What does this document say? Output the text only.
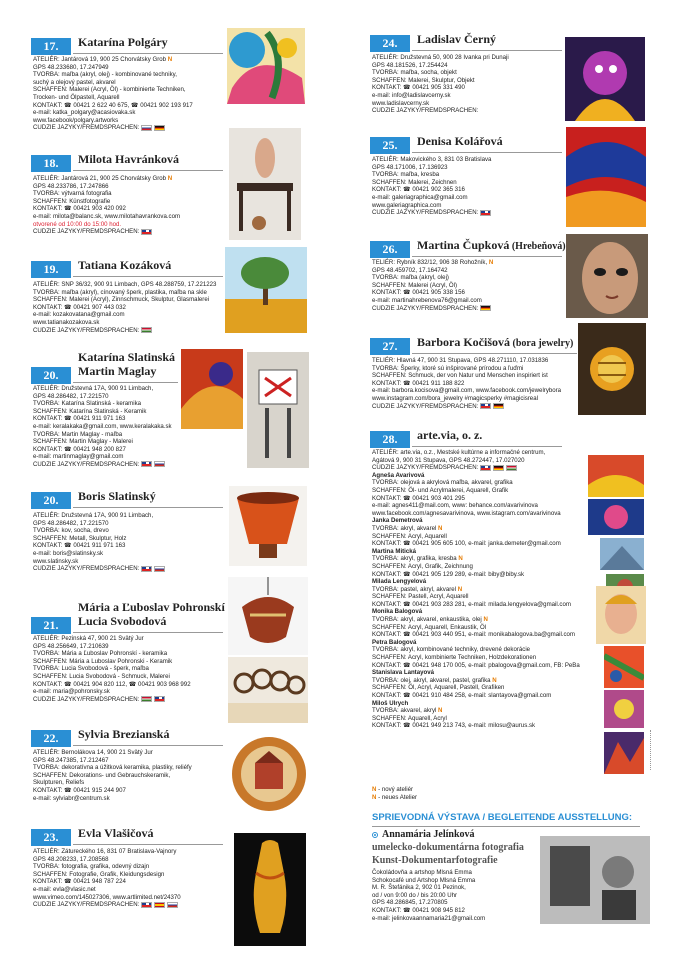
17.	Katarína Polgáry
ATELIÉR: Jantárová 19, 900 25 Chorvátsky Grob N
GPS 48.233680, 17.247949
TVORBA: maľba (akryl, olej) - kombinované techniky,
suchý a olejový pastel, akvarel
SCHAFFEN: Malerei (Acryl, Öl) - kombinierte Techniken,
Trocken- und Ölpastell, Aquarell
KONTAKT: ☎ 00421 2 622 40 675, ☎ 00421 902 193 917
e-mail: katka_polgary@acasiovaka.sk
www.facebook/polgary.artworks
CUDZIE JAZYKY/FREMDSPRACHEN:
18.	Milota Havránková
ATELIÉR: Jantárová 21, 900 25 Chorvátsky Grob N
GPS 48.233786, 17.247866
TVORBA: výtvarná fotografia
SCHAFFEN: Künstfotografie
KONTAKT: ☎ 00421 903 420 092
e-mail: milota@balanc.sk, www.milotahavrankova.com
otvorené od 10:00 do 15:00 hod.
CUDZIE JAZYKY/FREMDSPRACHEN:
19.	Tatiana Kozáková
ATELIÉR: SNP 36/32, 900 91 Limbach, GPS 48.288759, 17.221223
TVORBA: maľba (akryl), cínovaný šperk, plastika, maľba na skle
SCHAFFEN: Malerei (Acryl), Zinnschmuck, Skulptur, Glasmalerei
KONTAKT: ☎ 00421 907 443 032
e-mail: kozakovatana@gmail.com
www.tatianakozakova.sk
CUDZIE JAZYKY/FREMDSPRACHEN:
20.
Katarína Slatinská
Martin Maglay
ATELIÉR: Družstevná 17A, 900 91 Limbach,
GPS 48.286482, 17.221570
TVORBA: Katarína Slatinská - keramika
SCHAFFEN: Katarína Slatinská - Keramik
KONTAKT: ☎ 00421 911 971 163
e-mail: keralakaka@gmail.com, www.keralakaka.sk
TVORBA: Martin Maglay - maľba
SCHAFFEN: Martin Maglay - Malerei
KONTAKT: ☎ 00421 948 200 827
e-mail: martinmaglay@gmail.com
CUDZIE JAZYKY/FREMDSPRACHEN:
20.	Boris Slatinský
ATELIÉR: Družstevná 17A, 900 91 Limbach,
GPS 48.286482, 17.221570
TVORBA: kov, socha, drevo
SCHAFFEN: Metall, Skulptur, Holz
KONTAKT: ☎ 00421 911 971 163
e-mail: boris@slatinsky.sk
www.slatinsky.sk
CUDZIE JAZYKY/FREMDSPRACHEN:
21.
Mária a Ľuboslav Pohronskí
Lucia Svobodová
ATELIÉR: Pezinská 47, 900 21 Svätý Jur
GPS 48.256649, 17.210639
TVORBA: Mária a Ľuboslav Pohronskí - keramika
SCHAFFEN: Mária a Luboslav Pohronski - Keramik
TVORBA: Lucia Svobodová - šperk, maľba
SCHAFFEN: Lucia Svobodová - Schmuck, Malerei
KONTAKT: ☎ 00421 904 820 112, ☎ 00421 903 968 992
e-mail: maria@pohronsky.sk
CUDZIE JAZYKY/FREMDSPRACHEN:
22.	Sylvia Brezianská
ATELIÉR: Bernolákova 14, 900 21 Svätý Jur
GPS 48.247385, 17.212467
TVORBA: dekoratívna a úžitková keramika, plastiky, reliéfy
SCHAFFEN: Dekorations- und Gebrauchskeramik,
Skulpturen, Reliefs
KONTAKT: ☎ 00421 915 244 907
e-mail: sylviabr@centrum.sk
23.	Evla Vlašičová
ATELIÉR: Zátureckého 16, 831 07 Bratislava-Vajnory
GPS 48.208233, 17.208568
TVORBA: fotografia, grafika, odevný dizajn
SCHAFFEN: Fotografie, Grafik, Kleidungsdesign
KONTAKT: ☎ 00421 948 787 224
e-mail: evla@vlasic.net
www.vimeo.com/145027306, www.artlimited.net/24370
CUDZIE JAZYKY/FREMDSPRACHEN:
24.	Ladislav Černý
ATELIÉR: Družstevná 50, 900 28 Ivanka pri Dunaji
GPS 48.181526, 17.254424
TVORBA: maľba, socha, objekt
SCHAFFEN: Malerei, Skulptur, Objekt
KONTAKT: ☎ 00421 905 331 490
e-mail: info@ladislavcerny.sk
www.ladislavcerny.sk
CUDZIE JAZYKY/FREMDSPRACHEN:
25.	Denisa Kolářová
ATELIÉR: Makovického 3, 831 03 Bratislava
GPS 48.171006, 17.136923
TVORBA: maľba, kresba
SCHAFFEN: Malerei, Zeichnen
KONTAKT: ☎ 00421 902 365 316
e-mail: galeriagraphica@gmail.com
www.galeriagraphica.com
CUDZIE JAZYKY/FREMDSPRACHEN:
26.	Martina Čupková (Hrebeňová)
TELIÉR: Rybník 832/12, 906 38 Rohožník, N
GPS 48.459702, 17.164742
TVORBA: maľba (akryl, olej)
SCHAFFEN: Malerei (Acryl, Öl)
KONTAKT: ☎ 00421 905 338 156
e-mail: martinahrebenova76@gmail.com
CUDZIE JAZYKY/FREMDSPRACHEN:
27.	Barbora Kočišová (bora jewelry)
TELIÉR: Hlavná 47, 900 31 Stupava, GPS 48.271110, 17.031836
TVORBA: Šperky, ktoré sú inšpirované prírodou a ľuďmi
SCHAFFEN: Schmuck, der von Natur und Menschen inspiriert ist
KONTAKT: ☎ 00421 911 188 822
e-mail: barbora.kocisova@gmail.com, www.facebook.com/jewelrybora
www.instagram.com/bora_jewelry #magicsperky #magicisreal
CUDZIE JAZYKY/FREMDSPRACHEN:
28.	arte.via, o. z.
ATELIÉR: arte.via, o.z., Mestské kultúrne a informačné centrum,
Agátová 9, 900 31 Stupava, GPS 48.272447, 17.027020
CUDZIE JAZYKY/FREMDSPRACHEN:
Agneša Avarivová
TVORBA: olejová a akrylová maľba, akvarel, grafika
SCHAFFEN: Öl- und Acrylmalerei, Aquarell, Grafik
KONTAKT: ☎ 00421 903 401 295
e-mail: agnes411@mail.com, www: behance.com/avarivinova
www.facebook.com/agnesavarivinova, www.istagram.com/avarivinova
Janka Demetrová
TVORBA: akryl, akvarel N
SCHAFFEN: Acryl, Aquarell
KONTAKT: ☎ 00421 905 605 100, e-mail: janka.demeter@gmail.com
Martina Mitická
TVORBA: akryl, grafika, kresba N
SCHAFFEN: Acryl, Grafik, Zeichnung
KONTAKT: ☎ 00421 905 129 289, e-mail: biby@biby.sk
Milada Lengyelová
TVORBA: pastel, akryl, akvarel N
SCHAFFEN: Pastell, Acryl, Aquarell
KONTAKT: ☎ 00421 903 283 281, e-mail: milada.lengyelova@gmail.com
Monika Balogová
TVORBA: akryl, akvarel, enkaustika, olej N
SCHAFFEN: Acryl, Aquarell, Enkaustik, Öl
KONTAKT: ☎ 00421 903 440 951, e-mail: monikabalogova.ba@gmail.com
Petra Balogová
TVORBA: akryl, kombinované techniky, drevené dekorácie
SCHAFFEN: Acryl, kombinierte Techniken, Holzdekorationen
KONTAKT: ☎ 00421 948 170 005, e-mail: pbalogova@gmail.com, FB: PeBa
Stanislava Lantayová
TVORBA: olej, akryl, akvarel, pastel, grafika N
SCHAFFEN: Öl, Acryl, Aquarell, Pastell, Grafiken
KONTAKT: ☎ 00421 910 484 258, e-mail: slantayova@gmail.com
Miloš Ulrych
TVORBA: akvarel, akryl N
SCHAFFEN: Aquarell, Acryl
KONTAKT: ☎ 00421 949 213 743, e-mail: milosu@aurus.sk
N - nový ateliér
N - neues Atelier
SPRIEVODNÁ VÝSTAVA / BEGLEITENDE AUSSTELLUNG:
Annamária Jelínková
umelecko-dokumentárna fotografia
Kunst-Dokumentarfotografie
Čokoládovňa a artshop Mlsná Emma
Schokocafé und Artshop Mlsná Emma
M. R. Štefánika 2, 902 01 Pezinok,
od / von 9:00 do / bis 20:00 Uhr
GPS 48.286845, 17.270805
KONTAKT: ☎ 00421 908 945 812
e-mail: jelinkovaannamaria21@gmail.com
